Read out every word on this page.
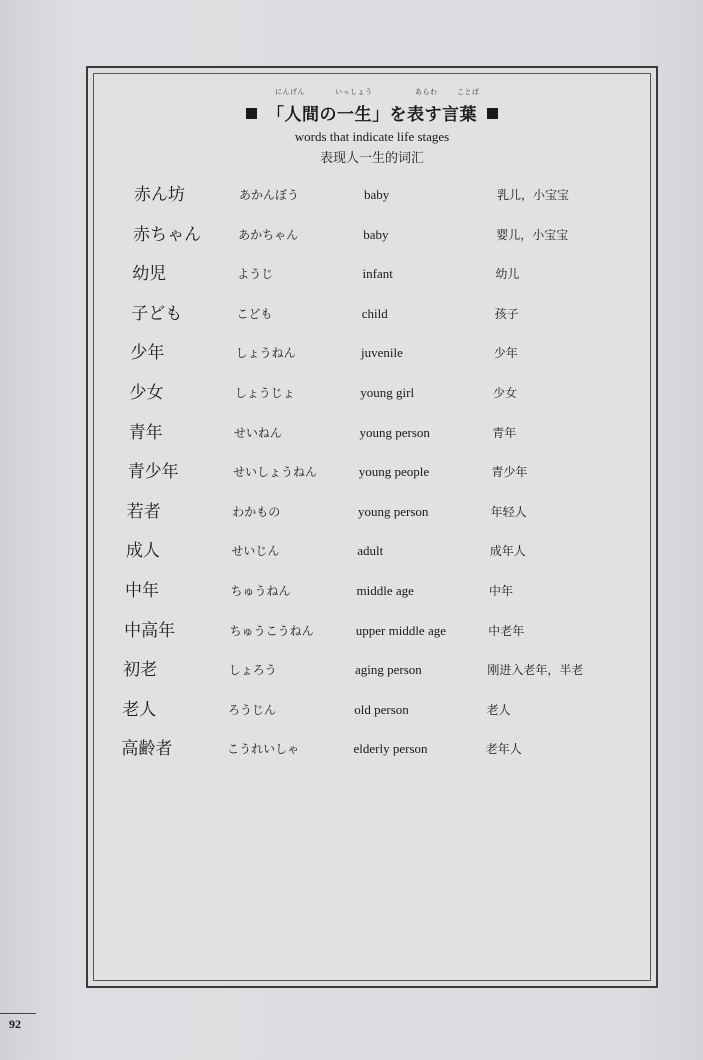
にんげん	いっしょう	あらわ	ことば
「人間の一生」を表す言葉
words that indicate life stages
表现人一生的词汇
赤ん坊	あかんぼう	baby	乳儿，小宝宝
赤ちゃん	あかちゃん	baby	婴儿，小宝宝
幼児	ようじ	infant	幼儿
子ども	こども	child	孩子
少年	しょうねん	juvenile	少年
少女	しょうじょ	young girl	少女
青年	せいねん	young person	青年
青少年	せいしょうねん	young people	青少年
若者	わかもの	young person	年轻人
成人	せいじん	adult	成年人
中年	ちゅうねん	middle age	中年
中高年	ちゅうこうねん	upper middle age	中老年
初老	しょろう	aging person	刚进入老年，半老
老人	ろうじん	old person	老人
高齢者	こうれいしゃ	elderly person	老年人
92
